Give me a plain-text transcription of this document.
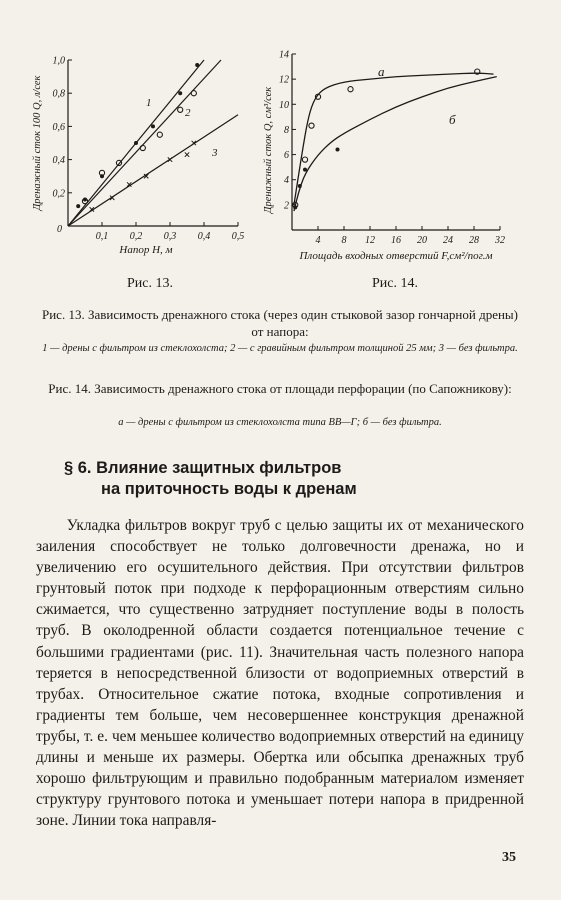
0,1 0,2 0,3 0,4 0,5
0,2
0,4
0,6
0,8
1,0
0
Дренажный сток 100 Q, л/сек
Напор H, м
1
2
3
4 8 12 16 20 24 28 32
2
4
6
8
10
12
14
Дренажный сток Q, см³/сек
Площадь входных отверстий F,см²/пог.м
а
б
Рис. 13.	Рис. 14.
Рис. 13. Зависимость дренажного стока (через один стыковой зазор гончарной дрены) от напора:
1 — дрены с фильтром из стеклохолста; 2 — с гравийным фильтром толщиной 25 мм; 3 — без фильтра.
Рис. 14. Зависимость дренажного стока от площади перфорации (по Сапожникову):
а — дрены с фильтром из стеклохолста типа ВВ—Г; б — без фильтра.
§ 6. Влияние защитных фильтров
на приточность воды к дренам
Укладка фильтров вокруг труб с целью защиты их от механического заиления способствует не только долговечности дренажа, но и увеличению его осушительного действия. При отсутствии фильтров грунтовый поток при подходе к перфорационным отверстиям сильно сжимается, что существенно затрудняет поступление воды в полость труб. В околодренной области создается потенциальное течение с большими градиентами (рис. 11). Значительная часть полезного напора теряется в непосредственной близости от водоприемных отверстий в трубах. Относительное сжатие потока, входные сопротивления и градиенты тем больше, чем несовершеннее конструкция дренажной трубы, т. е. чем меньшее количество водоприемных отверстий на единицу длины и меньше их размеры. Обертка или обсыпка дренажных труб хорошо фильтрующим и правильно подобранным материалом изменяет структуру грунтового потока и уменьшает потери напора в придренной зоне. Линии тока направля-
35
